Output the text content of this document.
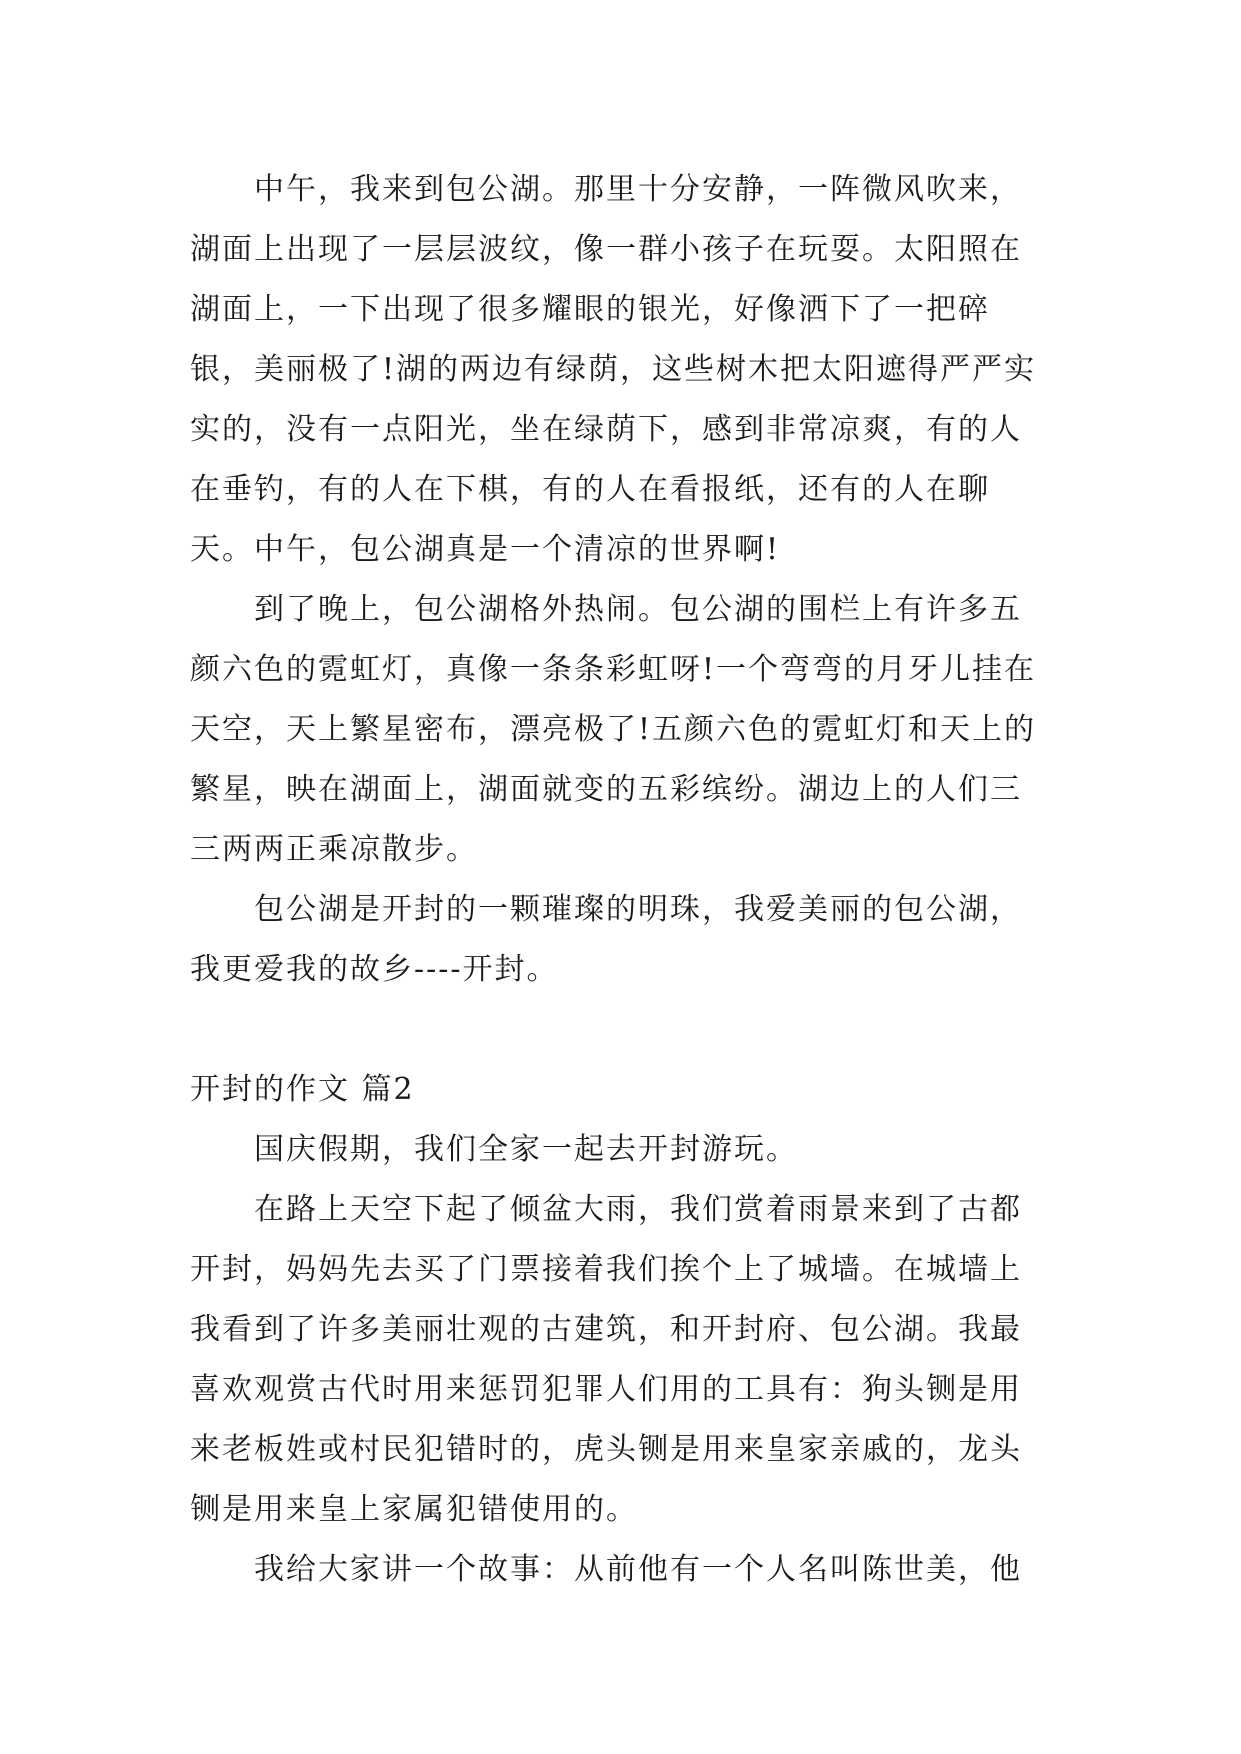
中午，我来到包公湖。那里十分安静，一阵微风吹来，湖面上出现了一层层波纹，像一群小孩子在玩耍。太阳照在湖面上，一下出现了很多耀眼的银光，好像洒下了一把碎银，美丽极了!湖的两边有绿荫，这些树木把太阳遮得严严实实的，没有一点阳光，坐在绿荫下，感到非常凉爽，有的人在垂钓，有的人在下棋，有的人在看报纸，还有的人在聊天。中午，包公湖真是一个清凉的世界啊!

到了晚上，包公湖格外热闹。包公湖的围栏上有许多五颜六色的霓虹灯，真像一条条彩虹呀!一个弯弯的月牙儿挂在天空，天上繁星密布，漂亮极了!五颜六色的霓虹灯和天上的繁星，映在湖面上，湖面就变的五彩缤纷。湖边上的人们三三两两正乘凉散步。

包公湖是开封的一颗璀璨的明珠，我爱美丽的包公湖，我更爱我的故乡----开封。

开封的作文 篇2

国庆假期，我们全家一起去开封游玩。

在路上天空下起了倾盆大雨，我们赏着雨景来到了古都开封，妈妈先去买了门票接着我们挨个上了城墙。在城墙上我看到了许多美丽壮观的古建筑，和开封府、包公湖。我最喜欢观赏古代时用来惩罚犯罪人们用的工具有：狗头铡是用来老板姓或村民犯错时的，虎头铡是用来皇家亲戚的，龙头铡是用来皇上家属犯错使用的。

我给大家讲一个故事：从前他有一个人名叫陈世美，他
